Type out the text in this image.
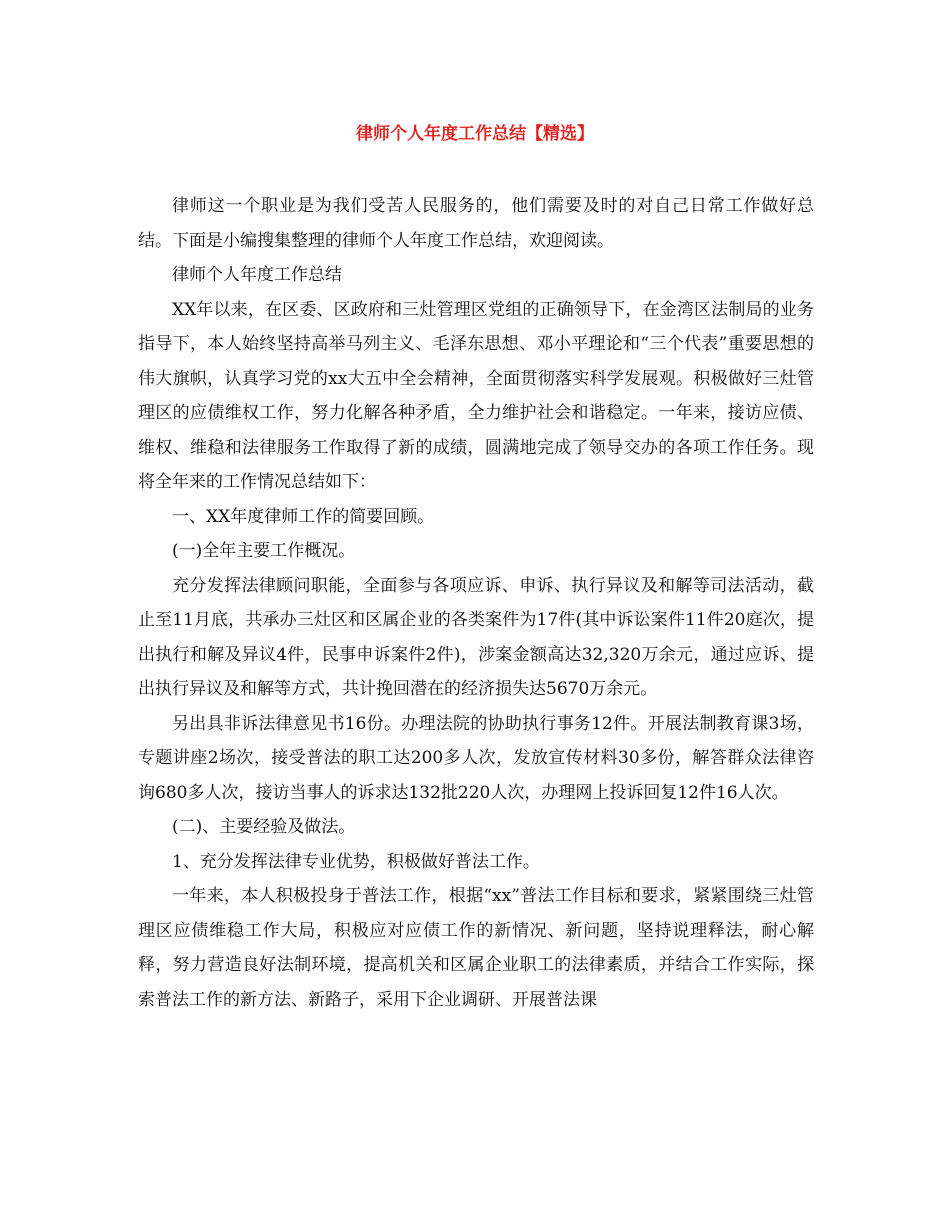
律师个人年度工作总结【精选】

律师这一个职业是为我们受苦人民服务的，他们需要及时的对自己日常工作做好总结。下面是小编搜集整理的律师个人年度工作总结，欢迎阅读。

律师个人年度工作总结

XX年以来，在区委、区政府和三灶管理区党组的正确领导下，在金湾区法制局的业务指导下，本人始终坚持高举马列主义、毛泽东思想、邓小平理论和“三个代表”重要思想的伟大旗帜，认真学习党的xx大五中全会精神，全面贯彻落实科学发展观。积极做好三灶管理区的应债维权工作，努力化解各种矛盾，全力维护社会和谐稳定。一年来，接访应债、维权、维稳和法律服务工作取得了新的成绩，圆满地完成了领导交办的各项工作任务。现将全年来的工作情况总结如下：

一、XX年度律师工作的简要回顾。

(一)全年主要工作概况。

充分发挥法律顾问职能，全面参与各项应诉、申诉、执行异议及和解等司法活动，截止至11月底，共承办三灶区和区属企业的各类案件为17件(其中诉讼案件11件20庭次，提出执行和解及异议4件，民事申诉案件2件)，涉案金额高达32,320万余元，通过应诉、提出执行异议及和解等方式，共计挽回潜在的经济损失达5670万余元。

另出具非诉法律意见书16份。办理法院的协助执行事务12件。开展法制教育课3场，专题讲座2场次，接受普法的职工达200多人次，发放宣传材料30多份，解答群众法律咨询680多人次，接访当事人的诉求达132批220人次，办理网上投诉回复12件16人次。

(二)、主要经验及做法。

1、充分发挥法律专业优势，积极做好普法工作。

一年来，本人积极投身于普法工作，根据“xx”普法工作目标和要求，紧紧围绕三灶管理区应债维稳工作大局，积极应对应债工作的新情况、新问题，坚持说理释法，耐心解释，努力营造良好法制环境，提高机关和区属企业职工的法律素质，并结合工作实际，探索普法工作的新方法、新路子，采用下企业调研、开展普法课
